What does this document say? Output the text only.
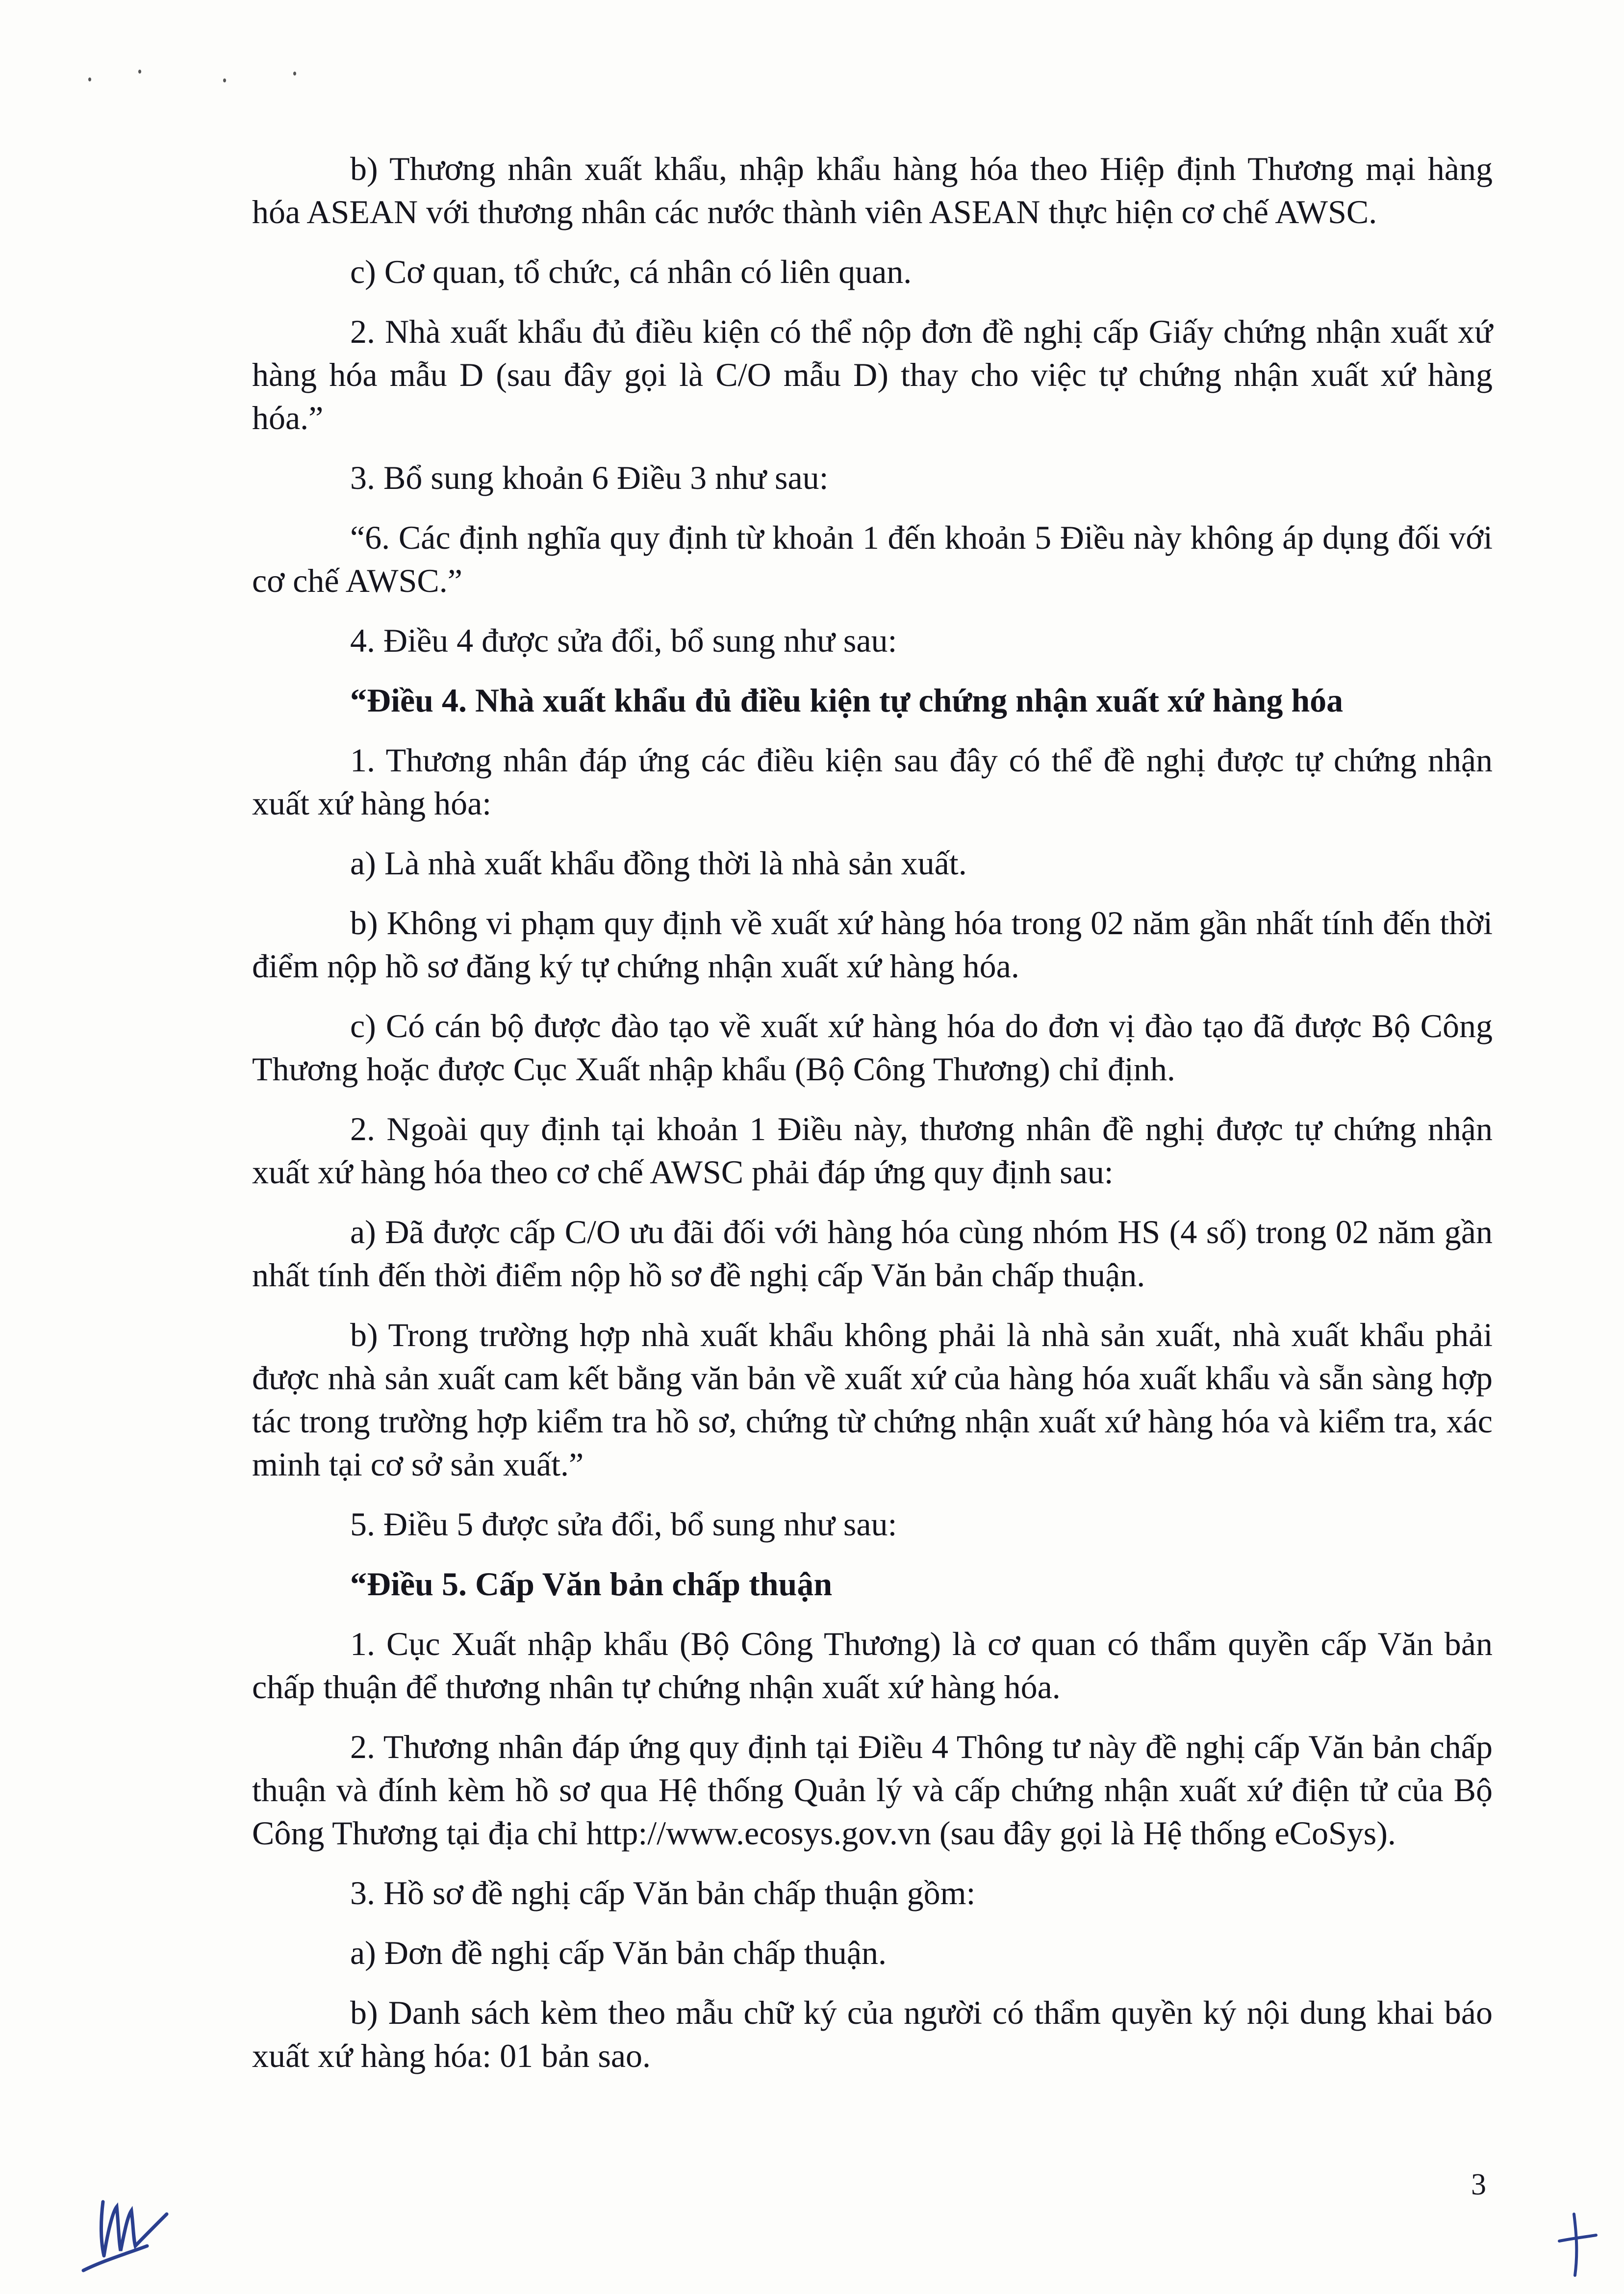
b) Thương nhân xuất khẩu, nhập khẩu hàng hóa theo Hiệp định Thương mại hàng hóa ASEAN với thương nhân các nước thành viên ASEAN thực hiện cơ chế AWSC.

c) Cơ quan, tổ chức, cá nhân có liên quan.

2. Nhà xuất khẩu đủ điều kiện có thể nộp đơn đề nghị cấp Giấy chứng nhận xuất xứ hàng hóa mẫu D (sau đây gọi là C/O mẫu D) thay cho việc tự chứng nhận xuất xứ hàng hóa.”

3. Bổ sung khoản 6 Điều 3 như sau:

“6. Các định nghĩa quy định từ khoản 1 đến khoản 5 Điều này không áp dụng đối với cơ chế AWSC.”

4. Điều 4 được sửa đổi, bổ sung như sau:

“Điều 4. Nhà xuất khẩu đủ điều kiện tự chứng nhận xuất xứ hàng hóa

1. Thương nhân đáp ứng các điều kiện sau đây có thể đề nghị được tự chứng nhận xuất xứ hàng hóa:

a) Là nhà xuất khẩu đồng thời là nhà sản xuất.

b) Không vi phạm quy định về xuất xứ hàng hóa trong 02 năm gần nhất tính đến thời điểm nộp hồ sơ đăng ký tự chứng nhận xuất xứ hàng hóa.

c) Có cán bộ được đào tạo về xuất xứ hàng hóa do đơn vị đào tạo đã được Bộ Công Thương hoặc được Cục Xuất nhập khẩu (Bộ Công Thương) chỉ định.

2. Ngoài quy định tại khoản 1 Điều này, thương nhân đề nghị được tự chứng nhận xuất xứ hàng hóa theo cơ chế AWSC phải đáp ứng quy định sau:

a) Đã được cấp C/O ưu đãi đối với hàng hóa cùng nhóm HS (4 số) trong 02 năm gần nhất tính đến thời điểm nộp hồ sơ đề nghị cấp Văn bản chấp thuận.

b) Trong trường hợp nhà xuất khẩu không phải là nhà sản xuất, nhà xuất khẩu phải được nhà sản xuất cam kết bằng văn bản về xuất xứ của hàng hóa xuất khẩu và sẵn sàng hợp tác trong trường hợp kiểm tra hồ sơ, chứng từ chứng nhận xuất xứ hàng hóa và kiểm tra, xác minh tại cơ sở sản xuất.”

5. Điều 5 được sửa đổi, bổ sung như sau:

“Điều 5. Cấp Văn bản chấp thuận

1. Cục Xuất nhập khẩu (Bộ Công Thương) là cơ quan có thẩm quyền cấp Văn bản chấp thuận để thương nhân tự chứng nhận xuất xứ hàng hóa.

2. Thương nhân đáp ứng quy định tại Điều 4 Thông tư này đề nghị cấp Văn bản chấp thuận và đính kèm hồ sơ qua Hệ thống Quản lý và cấp chứng nhận xuất xứ điện tử của Bộ Công Thương tại địa chỉ http://www.ecosys.gov.vn (sau đây gọi là Hệ thống eCoSys).

3. Hồ sơ đề nghị cấp Văn bản chấp thuận gồm:

a) Đơn đề nghị cấp Văn bản chấp thuận.

b) Danh sách kèm theo mẫu chữ ký của người có thẩm quyền ký nội dung khai báo xuất xứ hàng hóa: 01 bản sao.

3
